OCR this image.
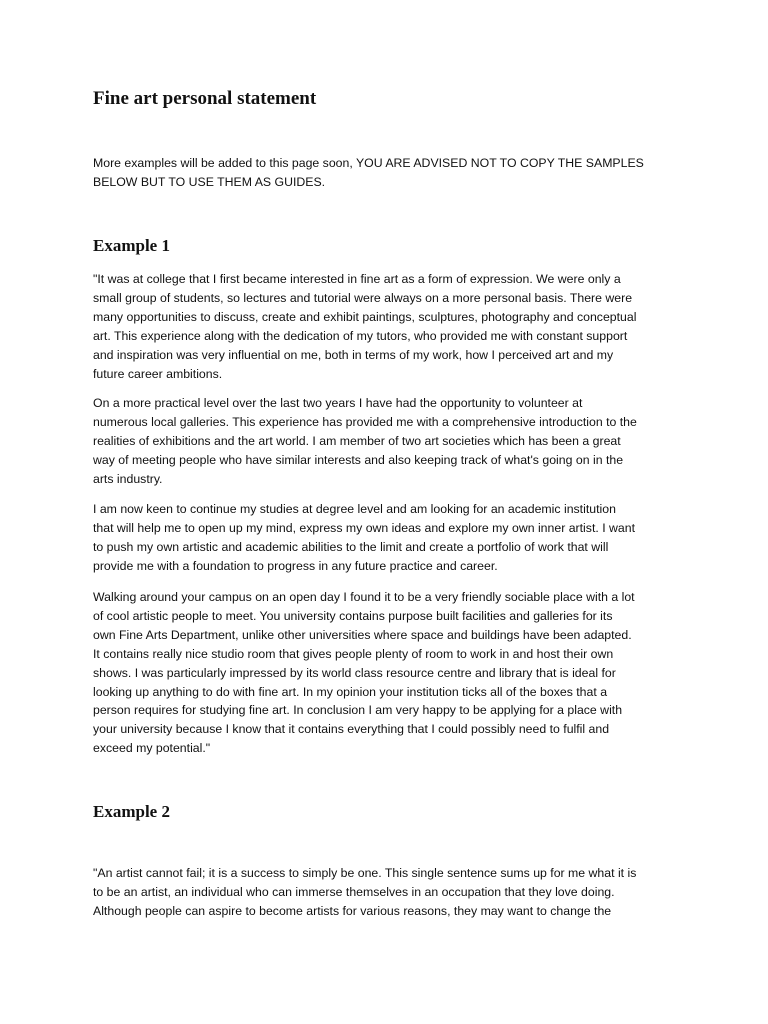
Fine art personal statement
More examples will be added to this page soon, YOU ARE ADVISED NOT TO COPY THE SAMPLES
BELOW BUT TO USE THEM AS GUIDES.
Example 1
"It was at college that I first became interested in fine art as a form of expression. We were only a
small group of students, so lectures and tutorial were always on a more personal basis. There were
many opportunities to discuss, create and exhibit paintings, sculptures, photography and conceptual
art. This experience along with the dedication of my tutors, who provided me with constant support
and inspiration was very influential on me, both in terms of my work, how I perceived art and my
future career ambitions.
On a more practical level over the last two years I have had the opportunity to volunteer at
numerous local galleries. This experience has provided me with a comprehensive introduction to the
realities of exhibitions and the art world. I am member of two art societies which has been a great
way of meeting people who have similar interests and also keeping track of what's going on in the
arts industry.
I am now keen to continue my studies at degree level and am looking for an academic institution
that will help me to open up my mind, express my own ideas and explore my own inner artist. I want
to push my own artistic and academic abilities to the limit and create a portfolio of work that will
provide me with a foundation to progress in any future practice and career.
Walking around your campus on an open day I found it to be a very friendly sociable place with a lot
of cool artistic people to meet. You university contains purpose built facilities and galleries for its
own Fine Arts Department, unlike other universities where space and buildings have been adapted.
It contains really nice studio room that gives people plenty of room to work in and host their own
shows. I was particularly impressed by its world class resource centre and library that is ideal for
looking up anything to do with fine art. In my opinion your institution ticks all of the boxes that a
person requires for studying fine art. In conclusion I am very happy to be applying for a place with
your university because I know that it contains everything that I could possibly need to fulfil and
exceed my potential."
Example 2
"An artist cannot fail; it is a success to simply be one. This single sentence sums up for me what it is
to be an artist, an individual who can immerse themselves in an occupation that they love doing.
Although people can aspire to become artists for various reasons, they may want to change the
